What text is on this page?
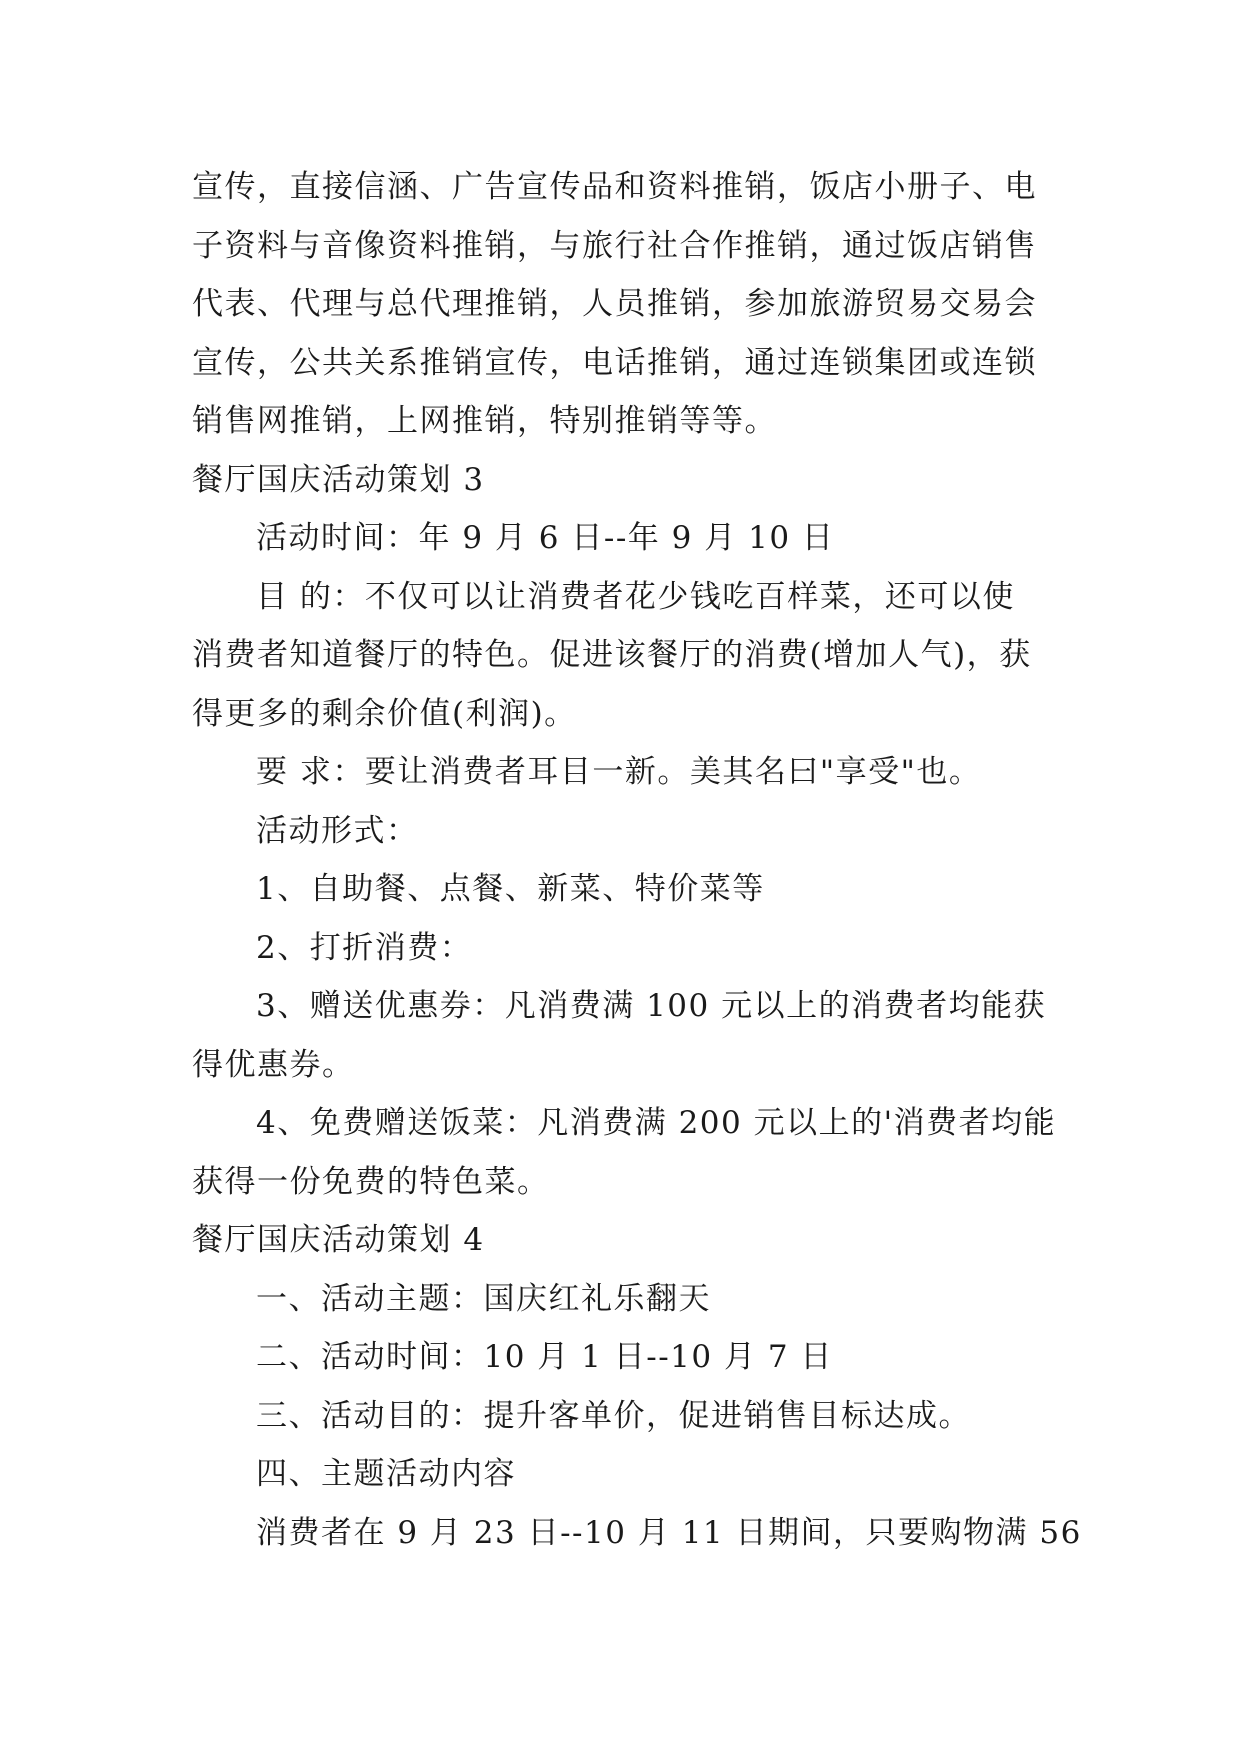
宣传，直接信涵、广告宣传品和资料推销，饭店小册子、电
子资料与音像资料推销，与旅行社合作推销，通过饭店销售
代表、代理与总代理推销，人员推销，参加旅游贸易交易会
宣传，公共关系推销宣传，电话推销，通过连锁集团或连锁
销售网推销，上网推销，特别推销等等。
餐厅国庆活动策划 3
活动时间：年 9 月 6 日--年 9 月 10 日
目 的：不仅可以让消费者花少钱吃百样菜，还可以使
消费者知道餐厅的特色。促进该餐厅的消费(增加人气)，获
得更多的剩余价值(利润)。
要 求：要让消费者耳目一新。美其名曰"享受"也。
活动形式：
1、自助餐、点餐、新菜、特价菜等
2、打折消费：
3、赠送优惠券：凡消费满 100 元以上的消费者均能获
得优惠券。
4、免费赠送饭菜：凡消费满 200 元以上的'消费者均能
获得一份免费的特色菜。
餐厅国庆活动策划 4
一、活动主题：国庆红礼乐翻天
二、活动时间：10 月 1 日--10 月 7 日
三、活动目的：提升客单价，促进销售目标达成。
四、主题活动内容
消费者在 9 月 23 日--10 月 11 日期间，只要购物满 56
